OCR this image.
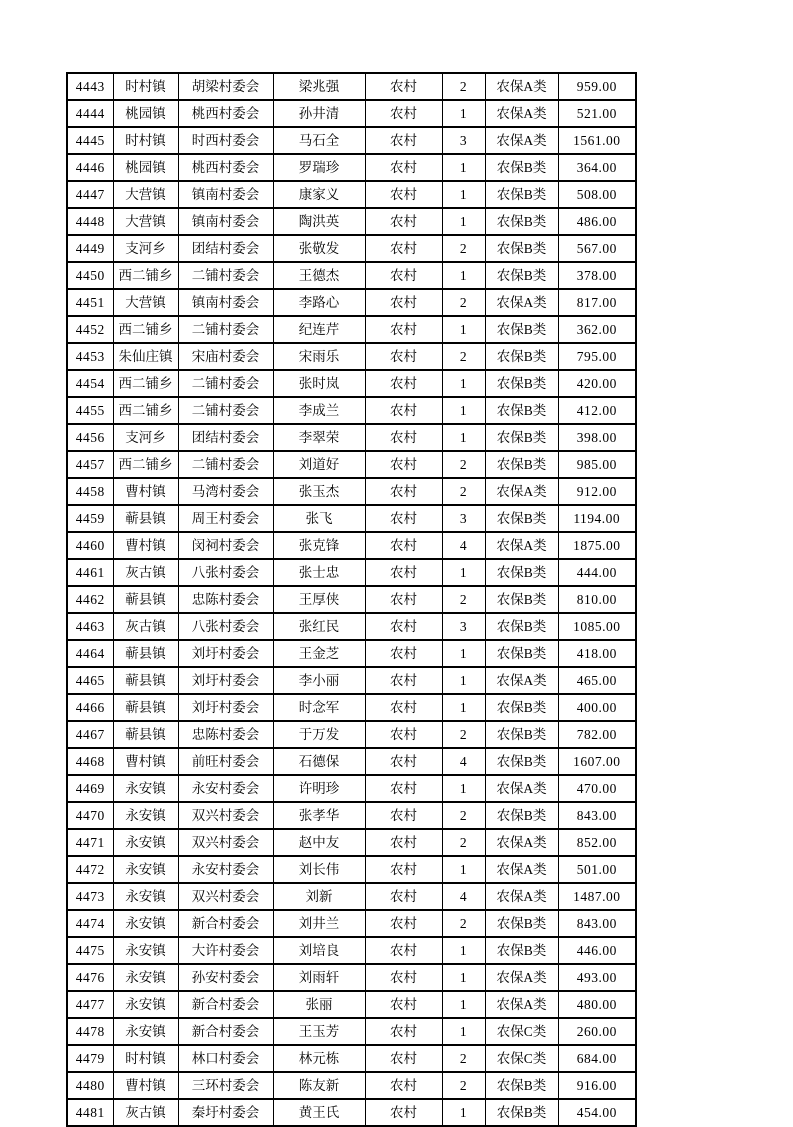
4443	时村镇	胡梁村委会	梁兆强	农村	2	农保A类	959.00
4444	桃园镇	桃西村委会	孙井清	农村	1	农保A类	521.00
4445	时村镇	时西村委会	马石全	农村	3	农保A类	1561.00
4446	桃园镇	桃西村委会	罗瑞珍	农村	1	农保B类	364.00
4447	大营镇	镇南村委会	康家义	农村	1	农保B类	508.00
4448	大营镇	镇南村委会	陶洪英	农村	1	农保B类	486.00
4449	支河乡	团结村委会	张敬发	农村	2	农保B类	567.00
4450	西二铺乡	二铺村委会	王德杰	农村	1	农保B类	378.00
4451	大营镇	镇南村委会	李路心	农村	2	农保A类	817.00
4452	西二铺乡	二铺村委会	纪连芹	农村	1	农保B类	362.00
4453	朱仙庄镇	宋庙村委会	宋雨乐	农村	2	农保B类	795.00
4454	西二铺乡	二铺村委会	张时岚	农村	1	农保B类	420.00
4455	西二铺乡	二铺村委会	李成兰	农村	1	农保B类	412.00
4456	支河乡	团结村委会	李翠荣	农村	1	农保B类	398.00
4457	西二铺乡	二铺村委会	刘道好	农村	2	农保B类	985.00
4458	曹村镇	马湾村委会	张玉杰	农村	2	农保A类	912.00
4459	蕲县镇	周王村委会	张飞	农村	3	农保B类	1194.00
4460	曹村镇	闵祠村委会	张克锋	农村	4	农保A类	1875.00
4461	灰古镇	八张村委会	张士忠	农村	1	农保B类	444.00
4462	蕲县镇	忠陈村委会	王厚侠	农村	2	农保B类	810.00
4463	灰古镇	八张村委会	张红民	农村	3	农保B类	1085.00
4464	蕲县镇	刘圩村委会	王金芝	农村	1	农保B类	418.00
4465	蕲县镇	刘圩村委会	李小丽	农村	1	农保A类	465.00
4466	蕲县镇	刘圩村委会	时念军	农村	1	农保B类	400.00
4467	蕲县镇	忠陈村委会	于万发	农村	2	农保B类	782.00
4468	曹村镇	前旺村委会	石德保	农村	4	农保B类	1607.00
4469	永安镇	永安村委会	许明珍	农村	1	农保A类	470.00
4470	永安镇	双兴村委会	张孝华	农村	2	农保B类	843.00
4471	永安镇	双兴村委会	赵中友	农村	2	农保A类	852.00
4472	永安镇	永安村委会	刘长伟	农村	1	农保A类	501.00
4473	永安镇	双兴村委会	刘新	农村	4	农保A类	1487.00
4474	永安镇	新合村委会	刘井兰	农村	2	农保B类	843.00
4475	永安镇	大许村委会	刘培良	农村	1	农保B类	446.00
4476	永安镇	孙安村委会	刘雨轩	农村	1	农保A类	493.00
4477	永安镇	新合村委会	张丽	农村	1	农保A类	480.00
4478	永安镇	新合村委会	王玉芳	农村	1	农保C类	260.00
4479	时村镇	林口村委会	林元栋	农村	2	农保C类	684.00
4480	曹村镇	三环村委会	陈友新	农村	2	农保B类	916.00
4481	灰古镇	秦圩村委会	黄王氏	农村	1	农保B类	454.00
